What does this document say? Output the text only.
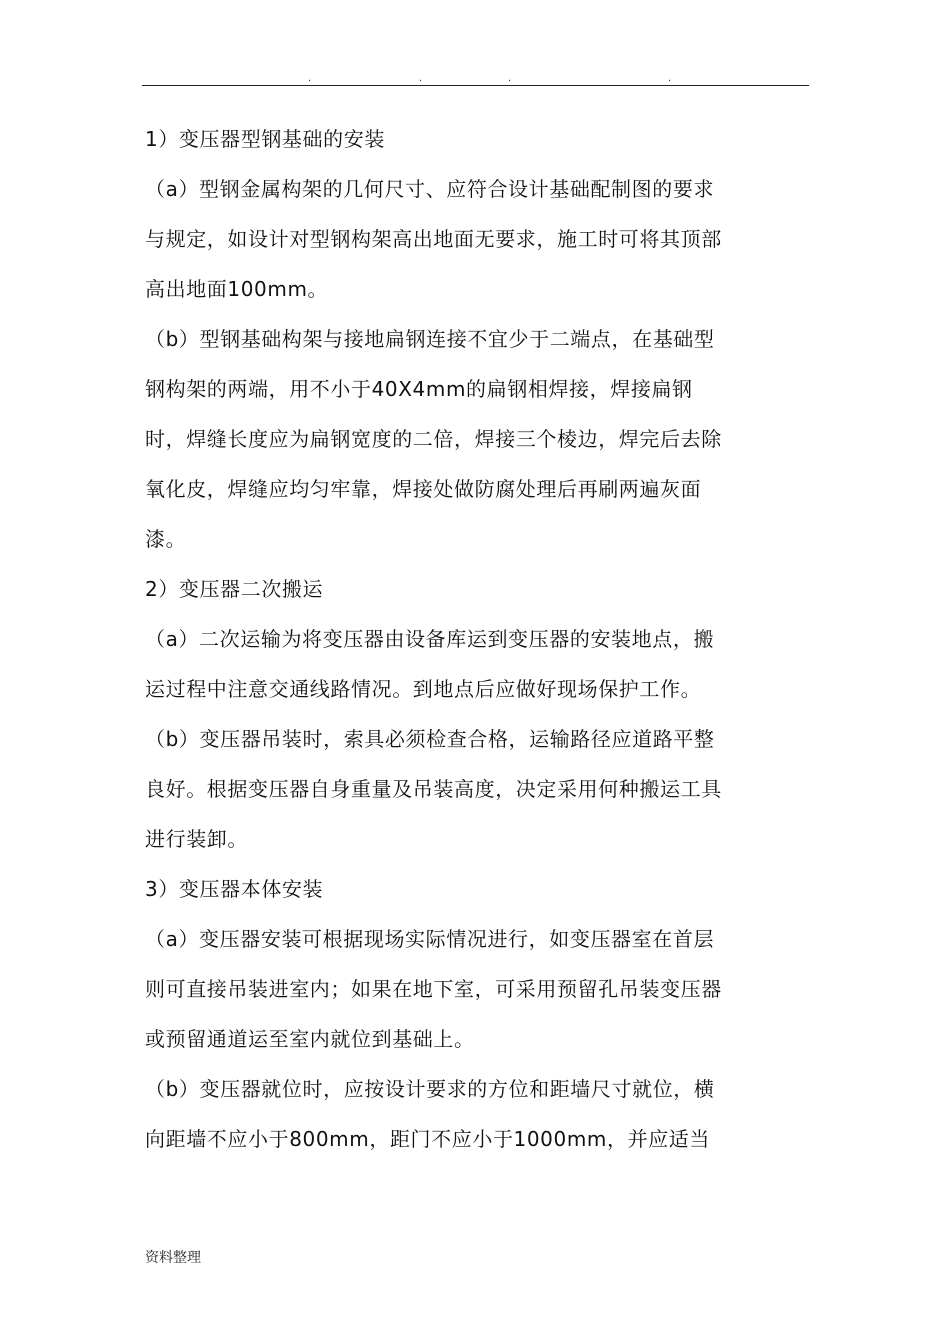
.	.	.	.

1）变压器型钢基础的安装

（a）型钢金属构架的几何尺寸、应符合设计基础配制图的要求与规定，如设计对型钢构架高出地面无要求，施工时可将其顶部高出地面100mm。

（b）型钢基础构架与接地扁钢连接不宜少于二端点，在基础型钢构架的两端，用不小于40X4mm的扁钢相焊接，焊接扁钢时，焊缝长度应为扁钢宽度的二倍，焊接三个棱边，焊完后去除氧化皮，焊缝应均匀牢靠，焊接处做防腐处理后再刷两遍灰面漆。

2）变压器二次搬运

（a）二次运输为将变压器由设备库运到变压器的安装地点，搬运过程中注意交通线路情况。到地点后应做好现场保护工作。

（b）变压器吊装时，索具必须检查合格，运输路径应道路平整良好。根据变压器自身重量及吊装高度，决定采用何种搬运工具进行装卸。

3）变压器本体安装

（a）变压器安装可根据现场实际情况进行，如变压器室在首层则可直接吊装进室内；如果在地下室，可采用预留孔吊装变压器或预留通道运至室内就位到基础上。

（b）变压器就位时，应按设计要求的方位和距墙尺寸就位，横向距墙不应小于800mm，距门不应小于1000mm，并应适当

资料整理
